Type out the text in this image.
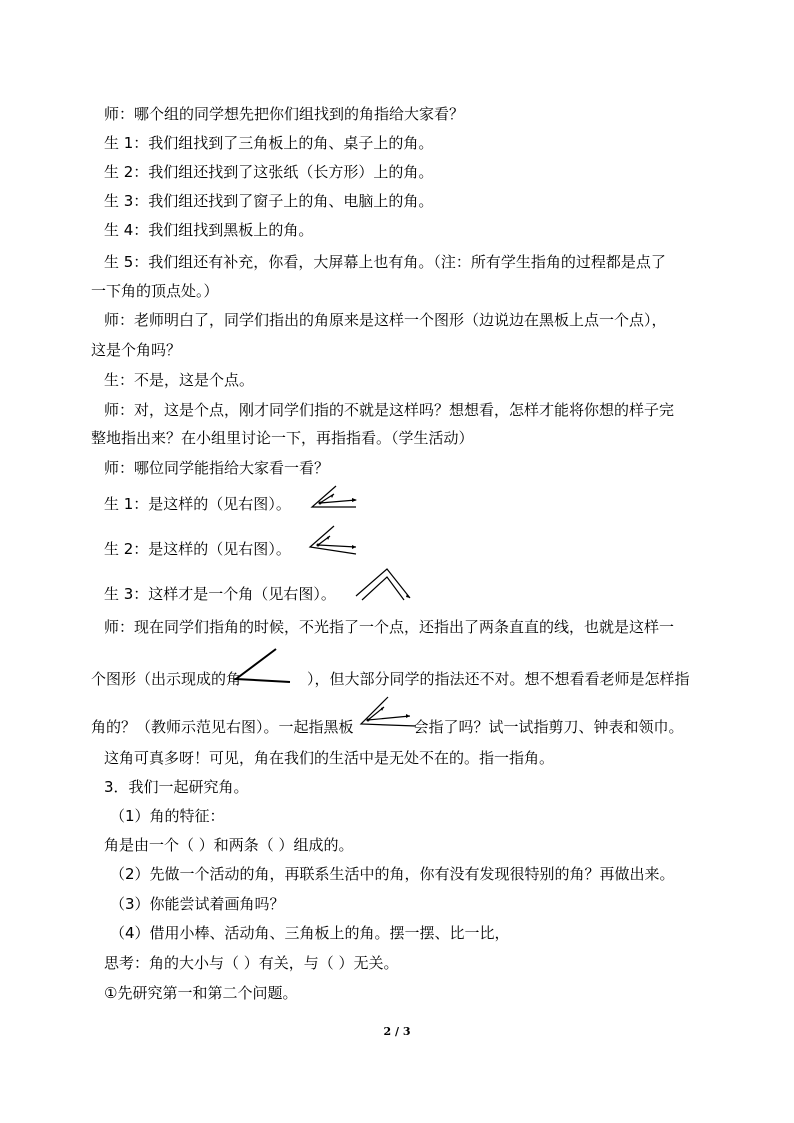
师：哪个组的同学想先把你们组找到的角指给大家看？
生 1：我们组找到了三角板上的角、桌子上的角。
生 2：我们组还找到了这张纸（长方形）上的角。
生 3：我们组还找到了窗子上的角、电脑上的角。
生 4：我们组找到黑板上的角。
生 5：我们组还有补充，你看，大屏幕上也有角。（注：所有学生指角的过程都是点了
一下角的顶点处。）
师：老师明白了，同学们指出的角原来是这样一个图形（边说边在黑板上点一个点），
这是个角吗？
生：不是，这是个点。
师：对，这是个点，刚才同学们指的不就是这样吗？想想看，怎样才能将你想的样子完
整地指出来？在小组里讨论一下，再指指看。（学生活动）
师：哪位同学能指给大家看一看？
生 1：是这样的（见右图）。
生 2：是这样的（见右图）。
生 3：这样才是一个角（见右图）。
师：现在同学们指角的时候，不光指了一个点，还指出了两条直直的线，也就是这样一
个图形（出示现成的角	），但大部分同学的指法还不对。想不想看看老师是怎样指
角的？（教师示范见右图）。一起指黑板	会指了吗？试一试指剪刀、钟表和领巾。
这角可真多呀！可见，角在我们的生活中是无处不在的。指一指角。
3．我们一起研究角。
（1）角的特征：
角是由一个（ ）和两条（ ）组成的。
（2）先做一个活动的角，再联系生活中的角，你有没有发现很特别的角？再做出来。
（3）你能尝试着画角吗？
（4）借用小棒、活动角、三角板上的角。摆一摆、比一比，
思考：角的大小与（ ）有关，与（ ）无关。
①先研究第一和第二个问题。
2 / 3
